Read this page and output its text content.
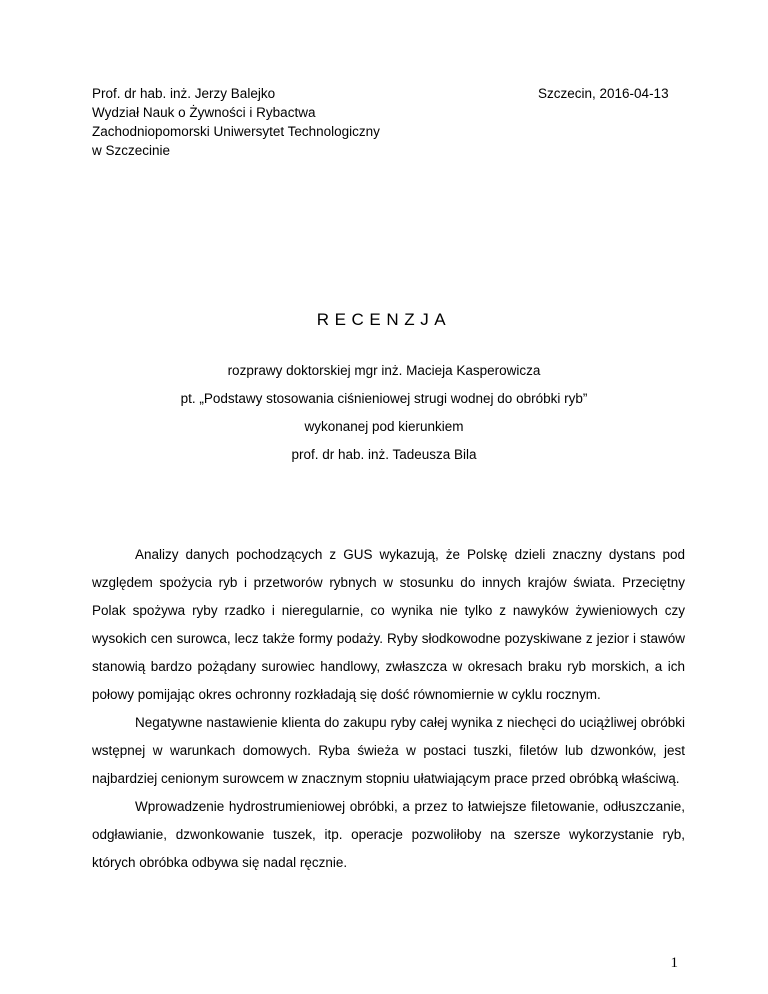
Prof. dr hab. inż. Jerzy Balejko
Wydział Nauk o Żywności i Rybactwa
Zachodniopomorski Uniwersytet Technologiczny
w Szczecinie
Szczecin, 2016-04-13
RECENZJA
rozprawy doktorskiej mgr inż. Macieja Kasperowicza
pt. „Podstawy stosowania ciśnieniowej strugi wodnej do obróbki ryb”
wykonanej pod kierunkiem
prof. dr hab. inż. Tadeusza Bila

Analizy danych pochodzących z GUS wykazują, że Polskę dzieli znaczny dystans pod względem spożycia ryb i przetworów rybnych w stosunku do innych krajów świata. Przeciętny Polak spożywa ryby rzadko i nieregularnie, co wynika nie tylko z nawyków żywieniowych czy wysokich cen surowca, lecz także formy podaży. Ryby słodkowodne pozyskiwane z jezior i stawów stanowią bardzo pożądany surowiec handlowy, zwłaszcza w okresach braku ryb morskich, a ich połowy pomijając okres ochronny rozkładają się dość równomiernie w cyklu rocznym.

Negatywne nastawienie klienta do zakupu ryby całej wynika z niechęci do uciążliwej obróbki wstępnej w warunkach domowych. Ryba świeża w postaci tuszki, filetów lub dzwonków, jest najbardziej cenionym surowcem w znacznym stopniu ułatwiającym prace przed obróbką właściwą.

Wprowadzenie hydrostrumieniowej obróbki, a przez to łatwiejsze filetowanie, odłuszczanie, odgławianie, dzwonkowanie tuszek, itp. operacje pozwoliłoby na szersze wykorzystanie ryb, których obróbka odbywa się nadal ręcznie.

1
